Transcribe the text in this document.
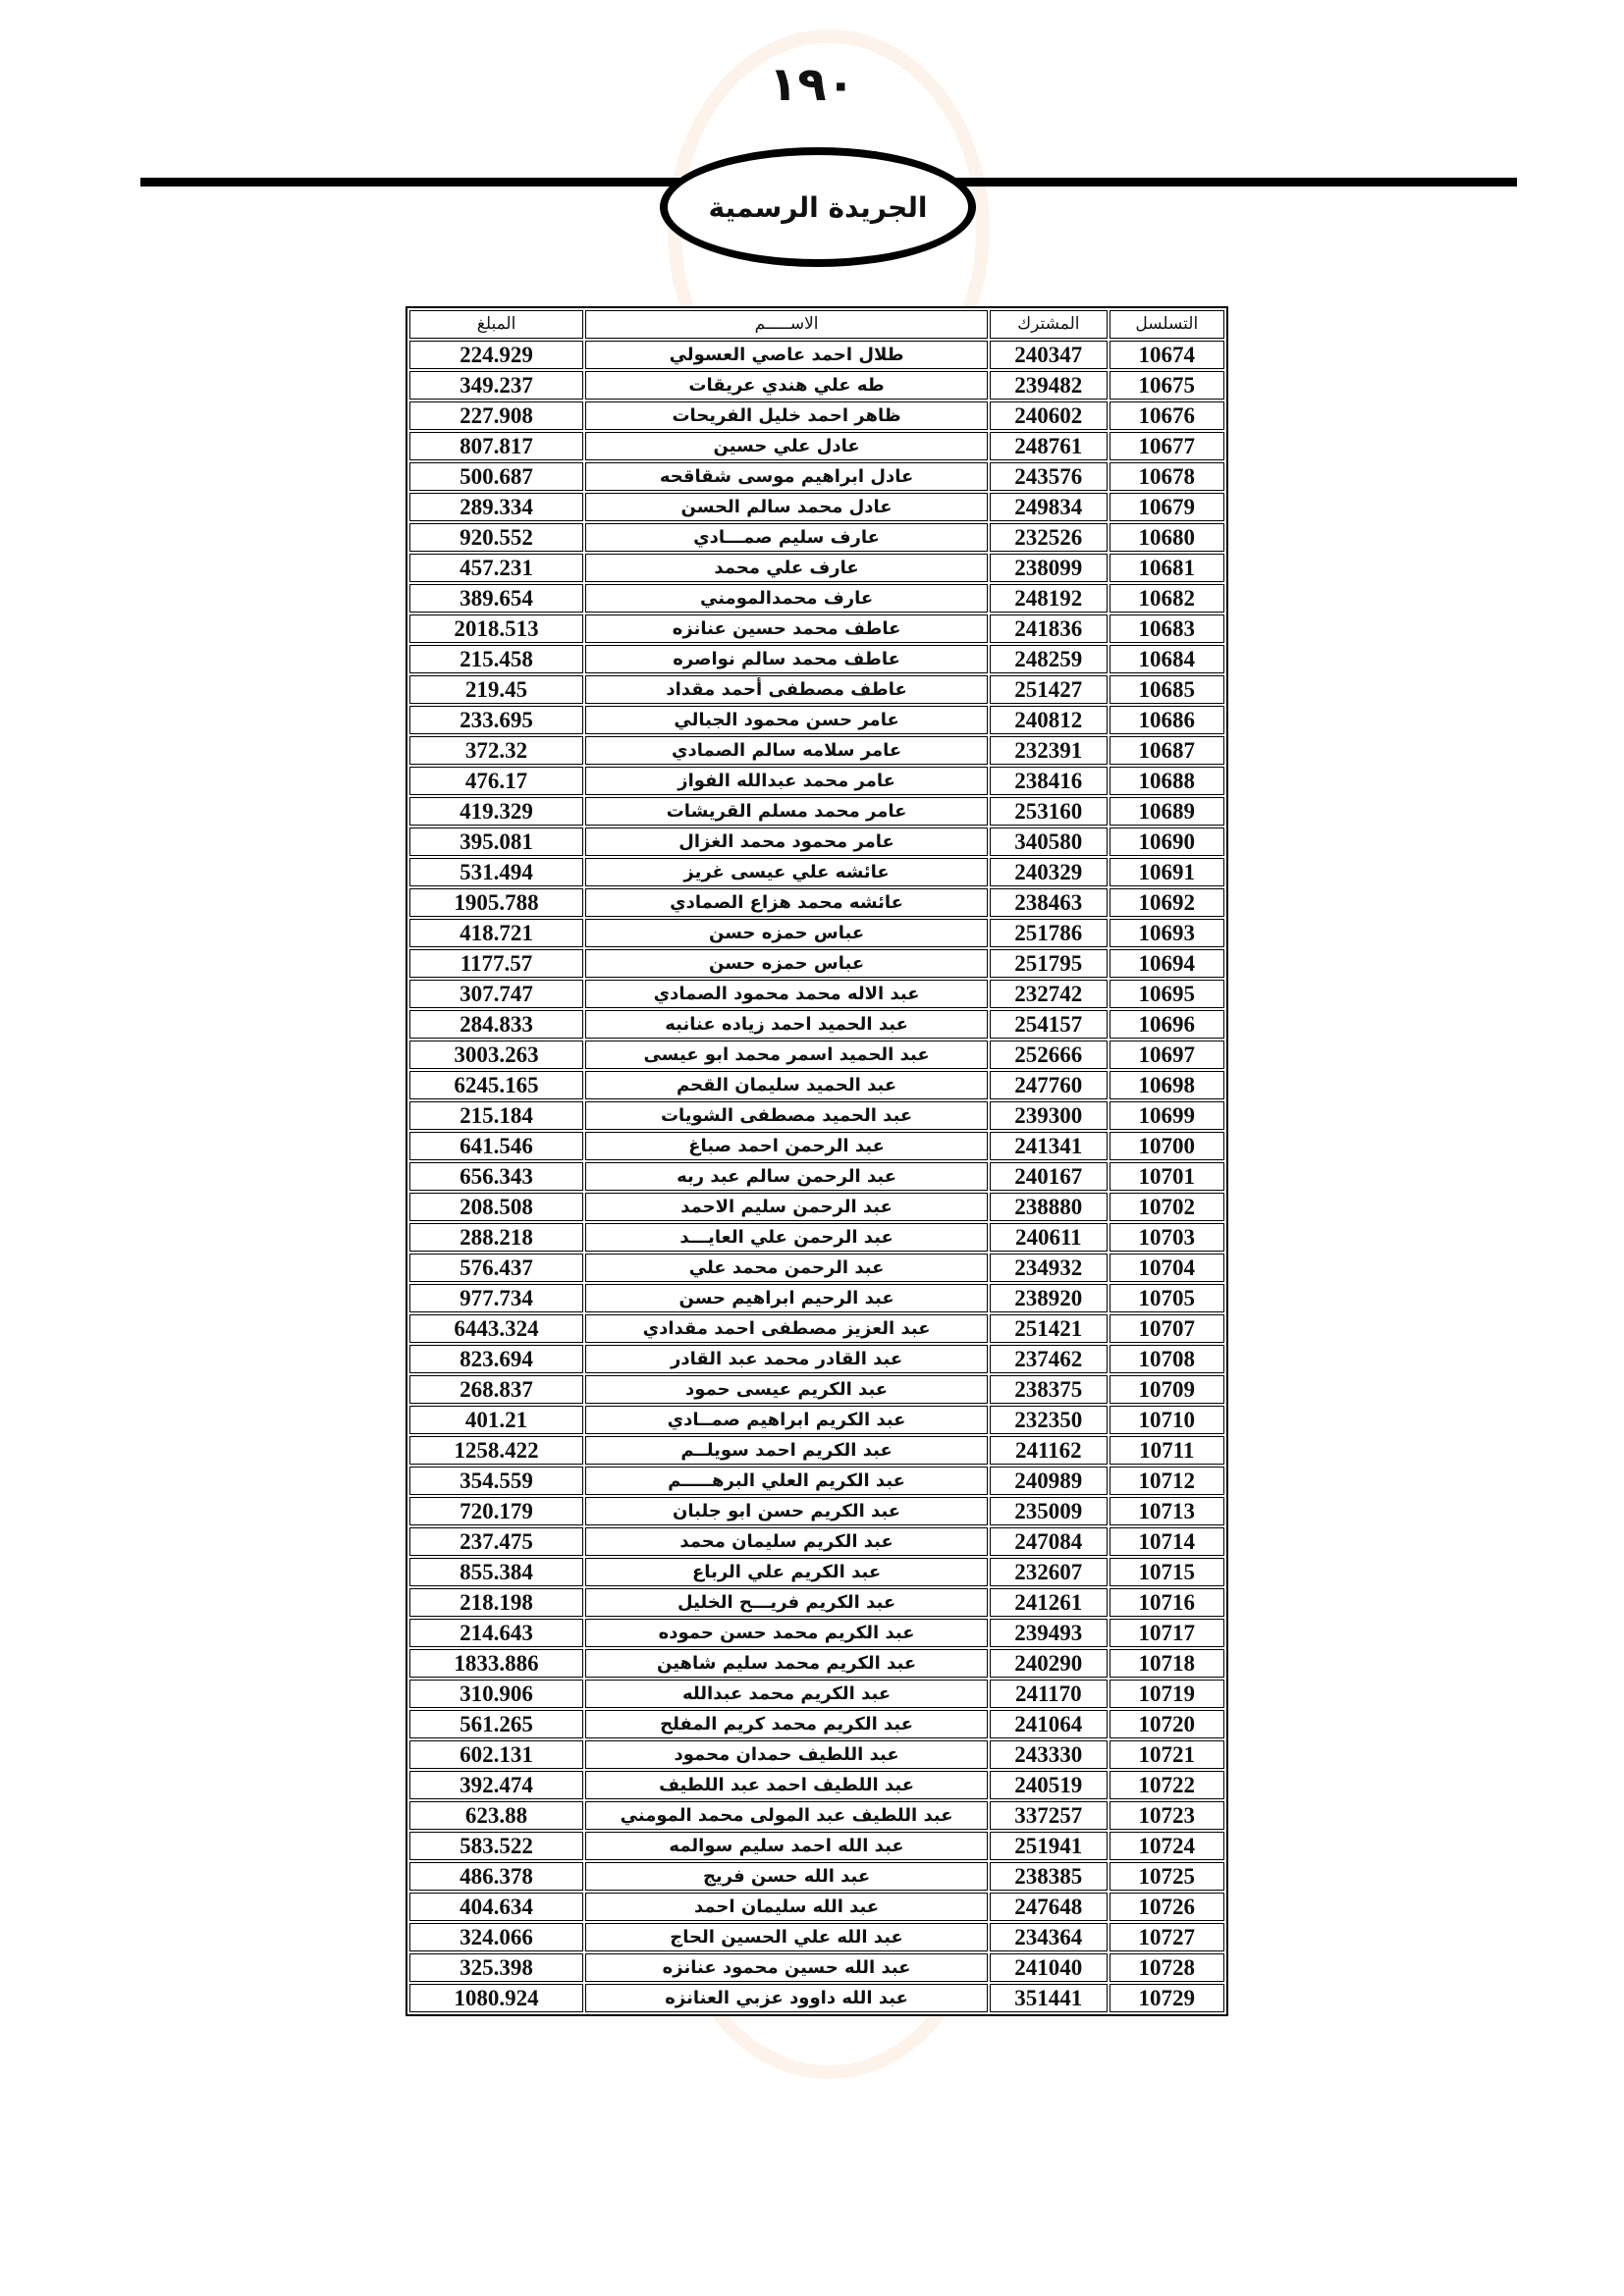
١٩٠
الجريدة الرسمية
التسلسل	المشترك	الاســـــم	المبلغ
10674	240347	طلال احمد عاصي العسولي	224.929
10675	239482	طه علي هندي عريقات	349.237
10676	240602	ظاهر احمد خليل الفريحات	227.908
10677	248761	عادل علي حسين	807.817
10678	243576	عادل ابراهيم موسى شقاقحه	500.687
10679	249834	عادل محمد سالم الحسن	289.334
10680	232526	عارف سليم صمـــادي	920.552
10681	238099	عارف علي محمد	457.231
10682	248192	عارف محمدالمومني	389.654
10683	241836	عاطف محمد حسين عنانزه	2018.513
10684	248259	عاطف محمد سالم نواصره	215.458
10685	251427	عاطف مصطفى أحمد مقداد	219.45
10686	240812	عامر حسن محمود الجبالي	233.695
10687	232391	عامر سلامه سالم الصمادي	372.32
10688	238416	عامر محمد عبدالله الفواز	476.17
10689	253160	عامر محمد مسلم القريشات	419.329
10690	340580	عامر محمود محمد الغزال	395.081
10691	240329	عائشه علي عيسى غريز	531.494
10692	238463	عائشه محمد هزاع الصمادي	1905.788
10693	251786	عباس حمزه حسن	418.721
10694	251795	عباس حمزه حسن	1177.57
10695	232742	عبد الاله محمد محمود الصمادي	307.747
10696	254157	عبد الحميد احمد زياده عنانبه	284.833
10697	252666	عبد الحميد اسمر محمد ابو عيسى	3003.263
10698	247760	عبد الحميد سليمان القحم	6245.165
10699	239300	عبد الحميد مصطفى الشويات	215.184
10700	241341	عبد الرحمن احمد صباغ	641.546
10701	240167	عبد الرحمن سالم عبد ربه	656.343
10702	238880	عبد الرحمن سليم الاحمد	208.508
10703	240611	عبد الرحمن علي العايـــد	288.218
10704	234932	عبد الرحمن محمد علي	576.437
10705	238920	عبد الرحيم ابراهيم حسن	977.734
10707	251421	عبد العزيز مصطفى احمد مقدادي	6443.324
10708	237462	عبد القادر محمد عبد القادر	823.694
10709	238375	عبد الكريم عيسى حمود	268.837
10710	232350	عبد الكريم ابراهيم صمــادي	401.21
10711	241162	عبد الكريم احمد سويلــم	1258.422
10712	240989	عبد الكريم العلي البرهـــــم	354.559
10713	235009	عبد الكريم حسن ابو جلبان	720.179
10714	247084	عبد الكريم سليمان محمد	237.475
10715	232607	عبد الكريم علي الرباع	855.384
10716	241261	عبد الكريم فريـــح الخليل	218.198
10717	239493	عبد الكريم محمد حسن حموده	214.643
10718	240290	عبد الكريم محمد سليم شاهين	1833.886
10719	241170	عبد الكريم محمد عبدالله	310.906
10720	241064	عبد الكريم محمد كريم المفلح	561.265
10721	243330	عبد اللطيف حمدان محمود	602.131
10722	240519	عبد اللطيف احمد عبد اللطيف	392.474
10723	337257	عبد اللطيف عبد المولى محمد المومني	623.88
10724	251941	عبد الله احمد سليم سوالمه	583.522
10725	238385	عبد الله حسن فريج	486.378
10726	247648	عبد الله سليمان احمد	404.634
10727	234364	عبد الله علي الحسين الحاج	324.066
10728	241040	عبد الله حسين محمود عنانزه	325.398
10729	351441	عبد الله داوود عزبي العنانزه	1080.924
